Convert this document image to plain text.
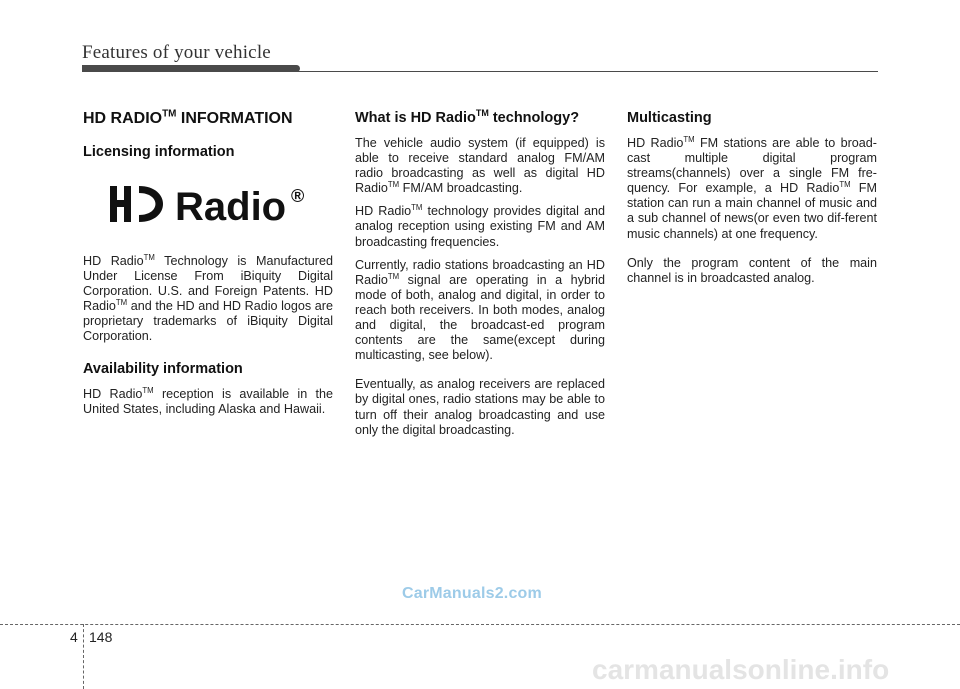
Features of your vehicle
HD RADIO™ INFORMATION
Licensing information
Radio ®

HD Radio™ Technology is Manufactured Under License From iBiquity Digital Corporation. U.S. and Foreign Patents. HD Radio™ and the HD and HD Radio logos are proprietary trademarks of iBiquity Digital Corporation.

Availability information

HD Radio™ reception is available in the United States, including Alaska and Hawaii.

What is HD Radio™ technology?

The vehicle audio system (if equipped) is able to receive standard analog FM/AM radio broadcasting as well as digital HD Radio™ FM/AM broadcasting.

HD Radio™ technology provides digital and analog reception using existing FM and AM broadcasting frequencies.

Currently, radio stations broadcasting an HD Radio™ signal are operating in a hybrid mode of both, analog and digital, in order to reach both receivers. In both modes, analog and digital, the broadcast-ed program contents are the same(except during multicasting, see below).

Eventually, as analog receivers are replaced by digital ones, radio stations may be able to turn off their analog broadcasting and use only the digital broadcasting.

Multicasting

HD Radio™ FM stations are able to broad-cast multiple digital program streams(channels) over a single FM fre-quency. For example, a HD Radio™ FM station can run a main channel of music and a sub channel of news(or even two dif-ferent music channels) at one frequency.

Only the program content of the main channel is in broadcasted analog.

CarManuals2.com
4 148
carmanualsonline.info
